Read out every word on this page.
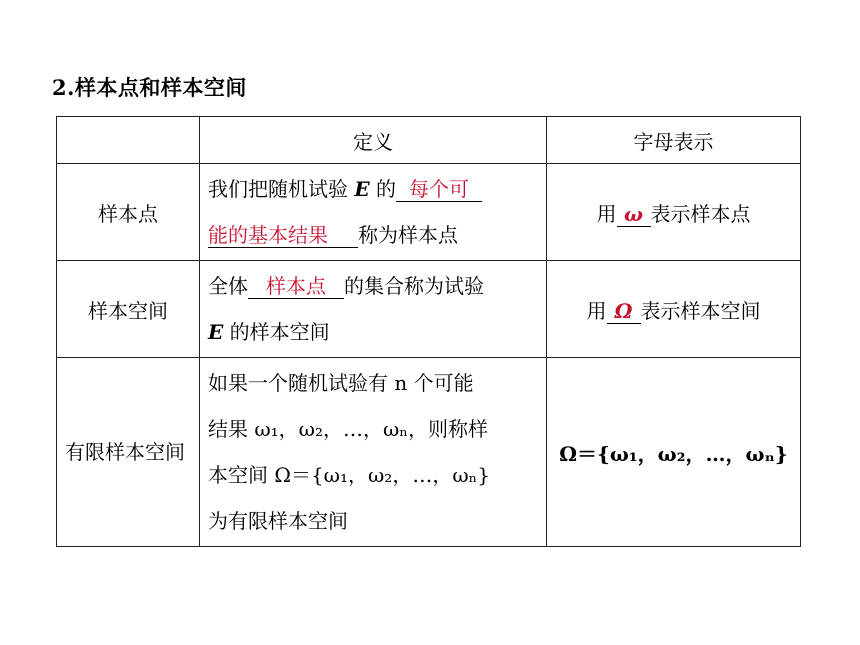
2.样本点和样本空间
	定义	字母表示
样本点	我们把随机试验 E 的 每个可
能的基本结果 称为样本点	用 ω 表示样本点
样本空间	全体 样本点 的集合称为试验
E 的样本空间	用 Ω 表示样本空间
有限样本空间	如果一个随机试验有 n 个可能
结果 ω₁，ω₂，…，ωₙ，则称样
本空间 Ω＝{ω₁，ω₂，…，ωₙ}
为有限样本空间	Ω＝{ω₁，ω₂，…，ωₙ}
